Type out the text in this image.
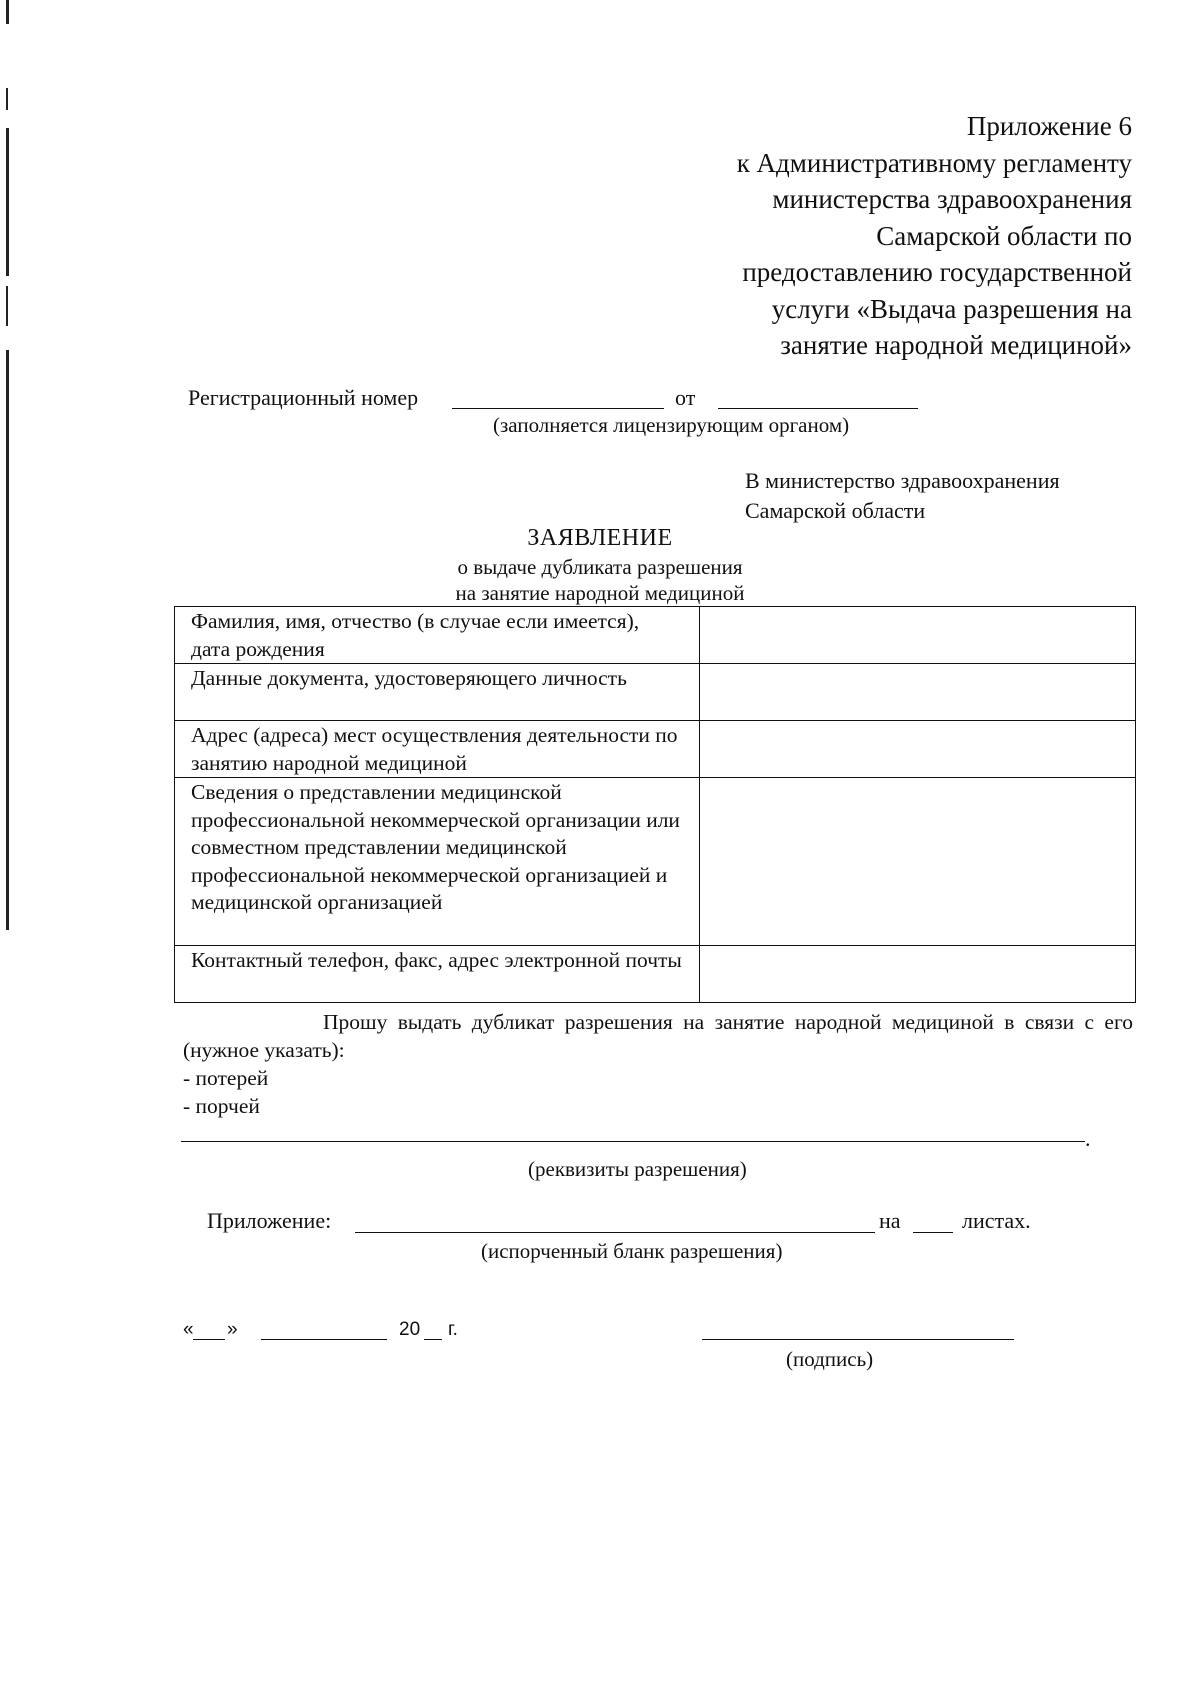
Приложение 6
к Административному регламенту
министерства здравоохранения
Самарской области по
предоставлению государственной
услуги «Выдача разрешения на
занятие народной медициной»
Регистрационный номер	от
(заполняется лицензирующим органом)
В министерство здравоохранения
Самарской области
ЗАЯВЛЕНИЕ
о выдаче дубликата разрешения
на занятие народной медициной
Фамилия, имя, отчество (в случае если имеется), дата рождения	
Данные документа, удостоверяющего личность	
Адрес (адреса) мест осуществления деятельности по занятию народной медициной	
Сведения о представлении медицинской профессиональной некоммерческой организации или совместном представлении медицинской профессиональной некоммерческой организацией и медицинской организацией	
Контактный телефон, факс, адрес электронной почты	
Прошу выдать дубликат разрешения на занятие народной медициной в связи с его (нужное указать):
- потерей
- порчей
.
(реквизиты разрешения)
Приложение:	на	листах.
(испорченный бланк разрешения)
« »	20 г.
(подпись)
